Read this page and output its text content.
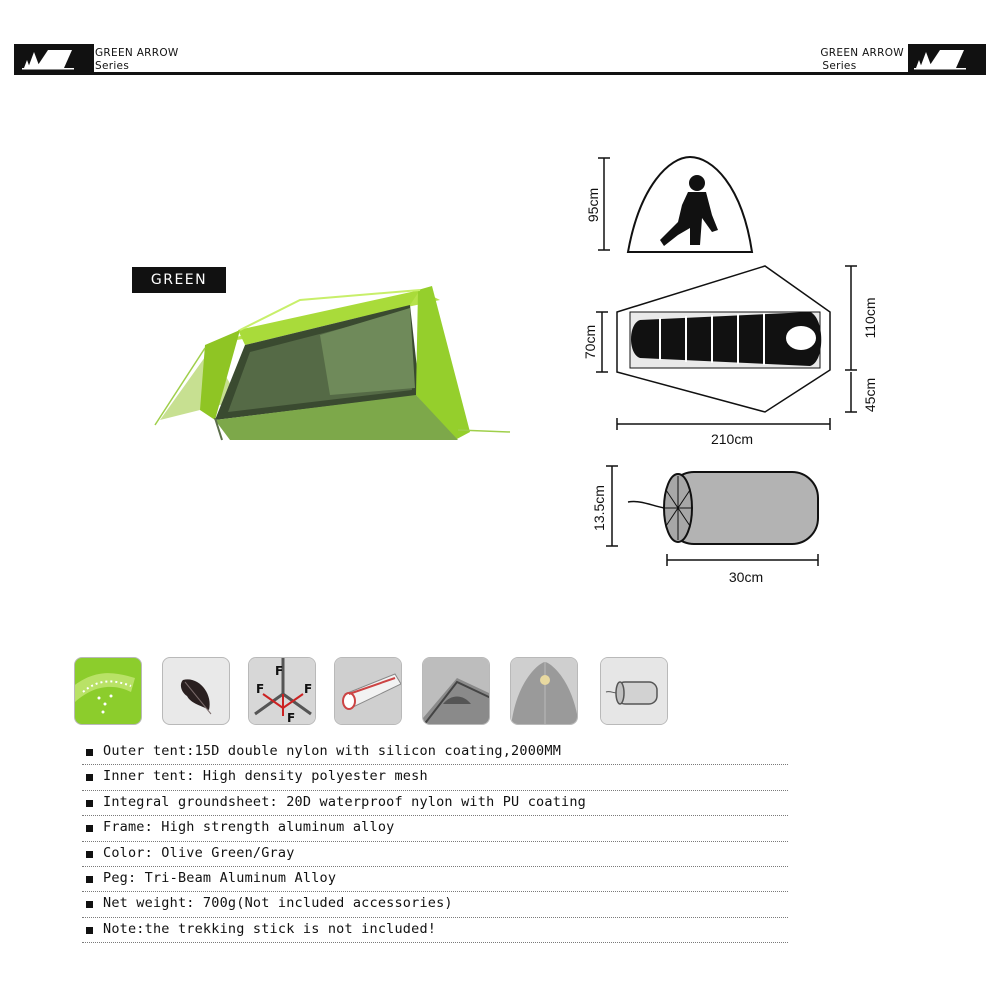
GREEN ARROW
Series
GREEN ARROW
Series
GREEN
95cm
70cm
110cm
45cm
210cm
13.5cm
30cm
F
F	F
F
Outer tent:15D double nylon with silicon coating,2000MM
Inner tent: High density polyester mesh
Integral groundsheet: 20D waterproof nylon with PU coating
Frame: High strength aluminum alloy
Color: Olive Green/Gray
Peg: Tri-Beam Aluminum Alloy
Net weight: 700g(Not included accessories)
Note:the trekking stick is not included!
